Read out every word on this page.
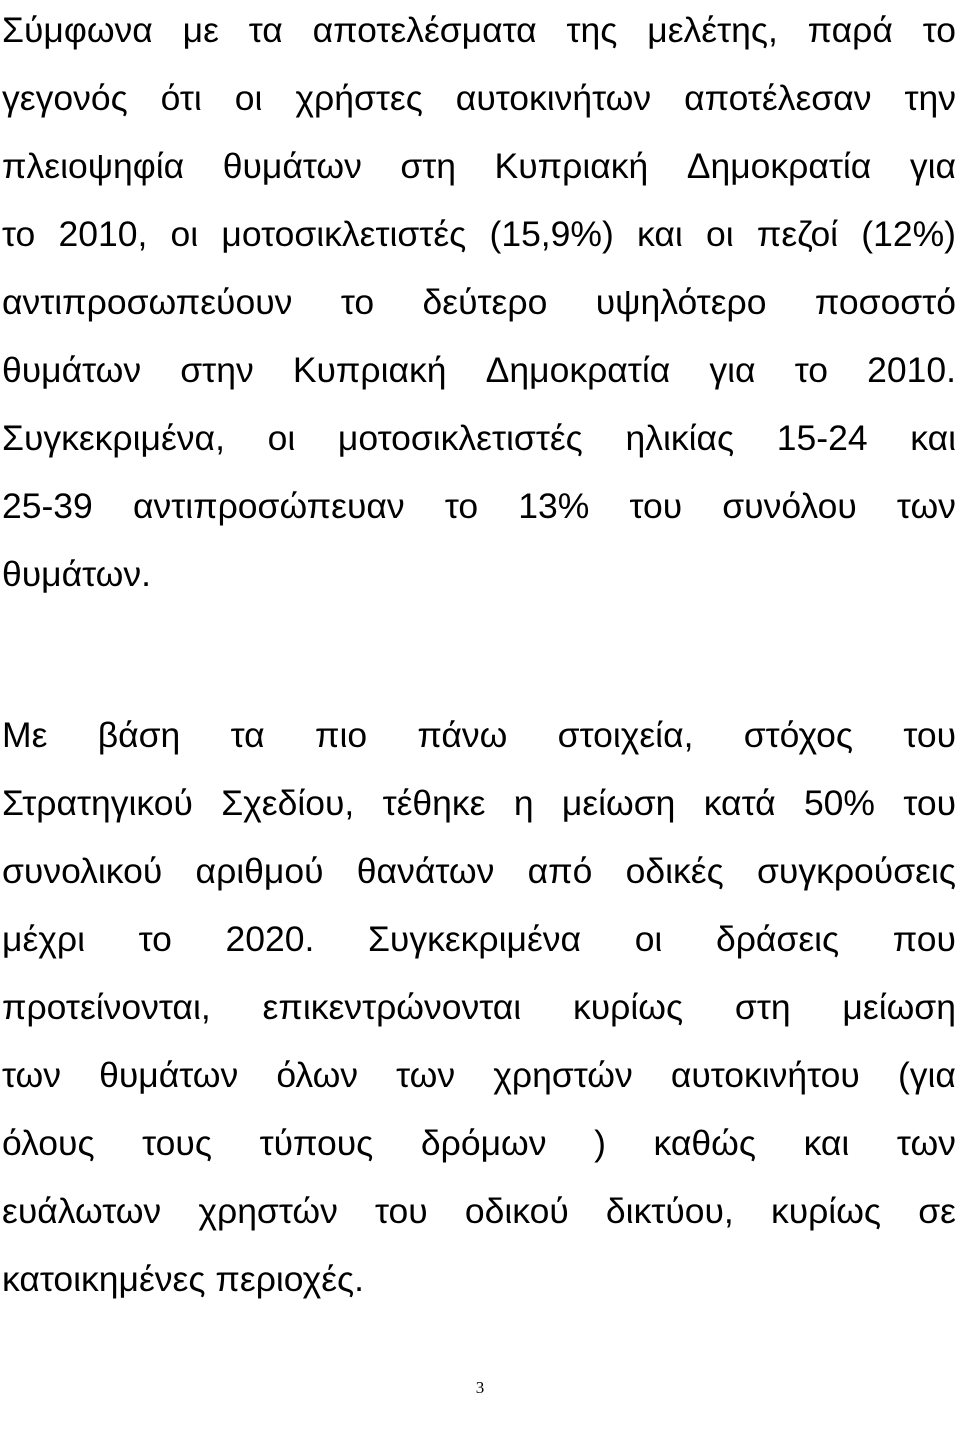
Σύμφωνα με τα αποτελέσματα της μελέτης, παρά το
γεγονός ότι οι χρήστες αυτοκινήτων αποτέλεσαν την
πλειοψηφία θυμάτων στη Κυπριακή Δημοκρατία για
το 2010, οι μοτοσικλετιστές (15,9%) και οι πεζοί (12%)
αντιπροσωπεύουν το δεύτερο υψηλότερο ποσοστό
θυμάτων στην Κυπριακή Δημοκρατία για το 2010.
Συγκεκριμένα, οι μοτοσικλετιστές ηλικίας 15-24 και
25-39 αντιπροσώπευαν το 13% του συνόλου των
θυμάτων.
Με βάση τα πιο πάνω στοιχεία, στόχος του
Στρατηγικού Σχεδίου, τέθηκε η μείωση κατά 50% του
συνολικού αριθμού θανάτων από οδικές συγκρούσεις
μέχρι το 2020. Συγκεκριμένα οι δράσεις που
προτείνονται, επικεντρώνονται κυρίως στη μείωση
των θυμάτων όλων των χρηστών αυτοκινήτου (για
όλους τους τύπους δρόμων ) καθώς και των
ευάλωτων χρηστών του οδικού δικτύου, κυρίως σε
κατοικημένες περιοχές.
3
